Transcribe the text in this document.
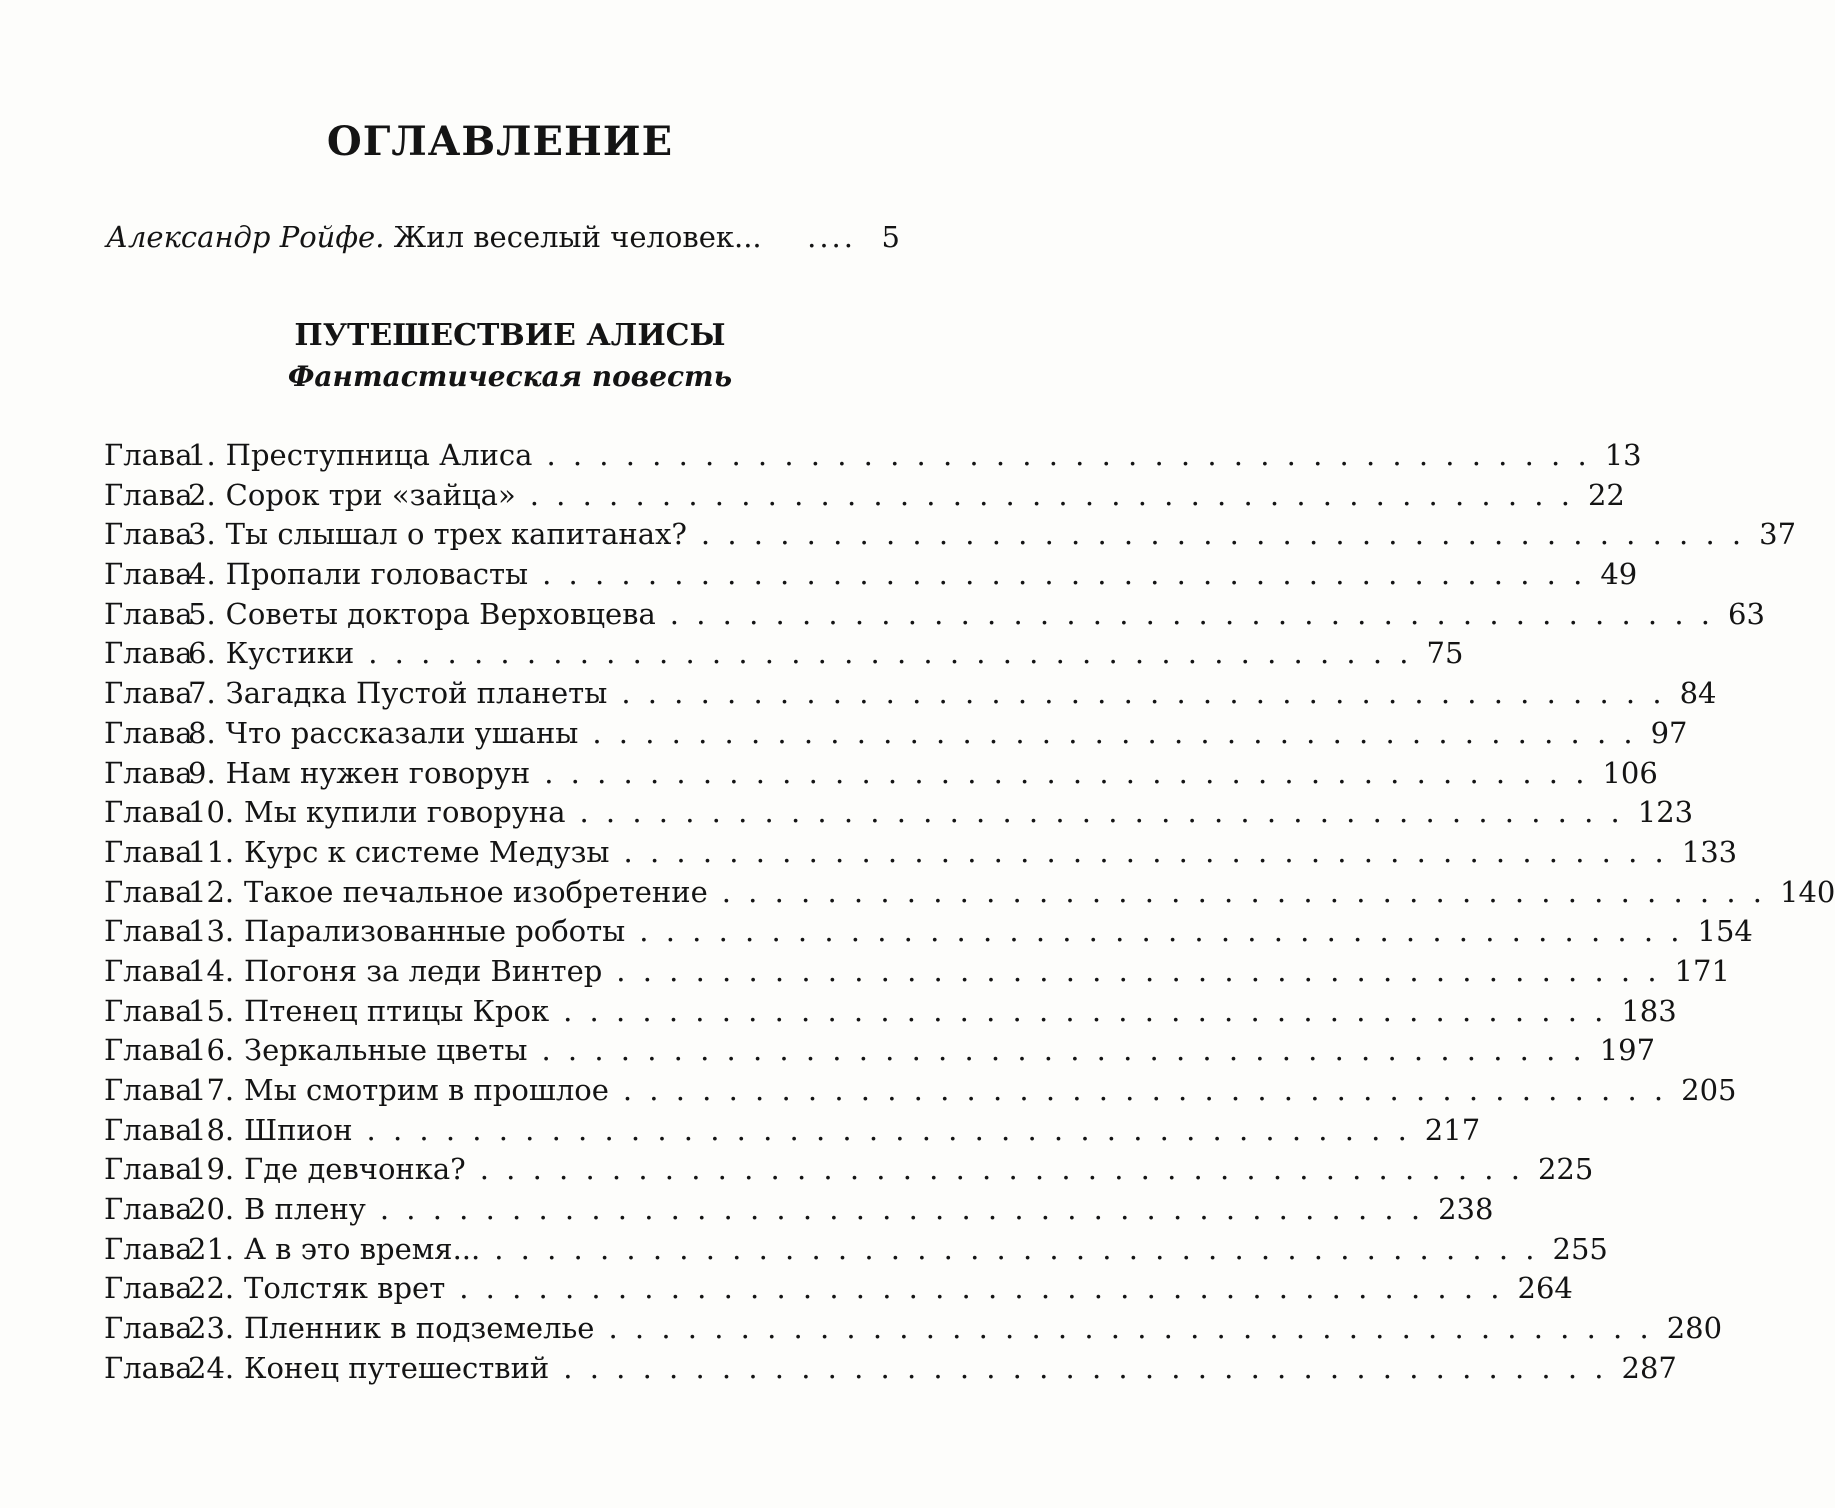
ОГЛАВЛЕНИЕ
Александр Ройфе. Жил веселый человек...	.... 5
ПУТЕШЕСТВИЕ АЛИСЫ
Фантастическая повесть
Глава
1. Преступница Алиса . . . . . . . . . . . . . . . . . . . . . . . . . . . . . . . . . . . . . . . . 13
Глава
2. Сорок три «зайца» . . . . . . . . . . . . . . . . . . . . . . . . . . . . . . . . . . . . . . . . 22
Глава
3. Ты слышал о трех капитанах? . . . . . . . . . . . . . . . . . . . . . . . . . . . . . . . . . . . . . . . . 37
Глава
4. Пропали головасты . . . . . . . . . . . . . . . . . . . . . . . . . . . . . . . . . . . . . . . . 49
Глава
5. Советы доктора Верховцева . . . . . . . . . . . . . . . . . . . . . . . . . . . . . . . . . . . . . . . . 63
Глава
6. Кустики . . . . . . . . . . . . . . . . . . . . . . . . . . . . . . . . . . . . . . . . 75
Глава
7. Загадка Пустой планеты . . . . . . . . . . . . . . . . . . . . . . . . . . . . . . . . . . . . . . . . 84
Глава
8. Что рассказали ушаны . . . . . . . . . . . . . . . . . . . . . . . . . . . . . . . . . . . . . . . . 97
Глава
9. Нам нужен говорун . . . . . . . . . . . . . . . . . . . . . . . . . . . . . . . . . . . . . . . . 106
Глава
10. Мы купили говоруна . . . . . . . . . . . . . . . . . . . . . . . . . . . . . . . . . . . . . . . . 123
Глава
11. Курс к системе Медузы . . . . . . . . . . . . . . . . . . . . . . . . . . . . . . . . . . . . . . . . 133
Глава
12. Такое печальное изобретение . . . . . . . . . . . . . . . . . . . . . . . . . . . . . . . . . . . . . . . . 140
Глава
13. Парализованные роботы . . . . . . . . . . . . . . . . . . . . . . . . . . . . . . . . . . . . . . . . 154
Глава
14. Погоня за леди Винтер . . . . . . . . . . . . . . . . . . . . . . . . . . . . . . . . . . . . . . . . 171
Глава
15. Птенец птицы Крок . . . . . . . . . . . . . . . . . . . . . . . . . . . . . . . . . . . . . . . . 183
Глава
16. Зеркальные цветы . . . . . . . . . . . . . . . . . . . . . . . . . . . . . . . . . . . . . . . . 197
Глава
17. Мы смотрим в прошлое . . . . . . . . . . . . . . . . . . . . . . . . . . . . . . . . . . . . . . . . 205
Глава
18. Шпион . . . . . . . . . . . . . . . . . . . . . . . . . . . . . . . . . . . . . . . . 217
Глава
19. Где девчонка? . . . . . . . . . . . . . . . . . . . . . . . . . . . . . . . . . . . . . . . . 225
Глава
20. В плену . . . . . . . . . . . . . . . . . . . . . . . . . . . . . . . . . . . . . . . . 238
Глава
21. А в это время... . . . . . . . . . . . . . . . . . . . . . . . . . . . . . . . . . . . . . . . . 255
Глава
22. Толстяк врет . . . . . . . . . . . . . . . . . . . . . . . . . . . . . . . . . . . . . . . . 264
Глава
23. Пленник в подземелье . . . . . . . . . . . . . . . . . . . . . . . . . . . . . . . . . . . . . . . . 280
Глава
24. Конец путешествий . . . . . . . . . . . . . . . . . . . . . . . . . . . . . . . . . . . . . . . . 287
